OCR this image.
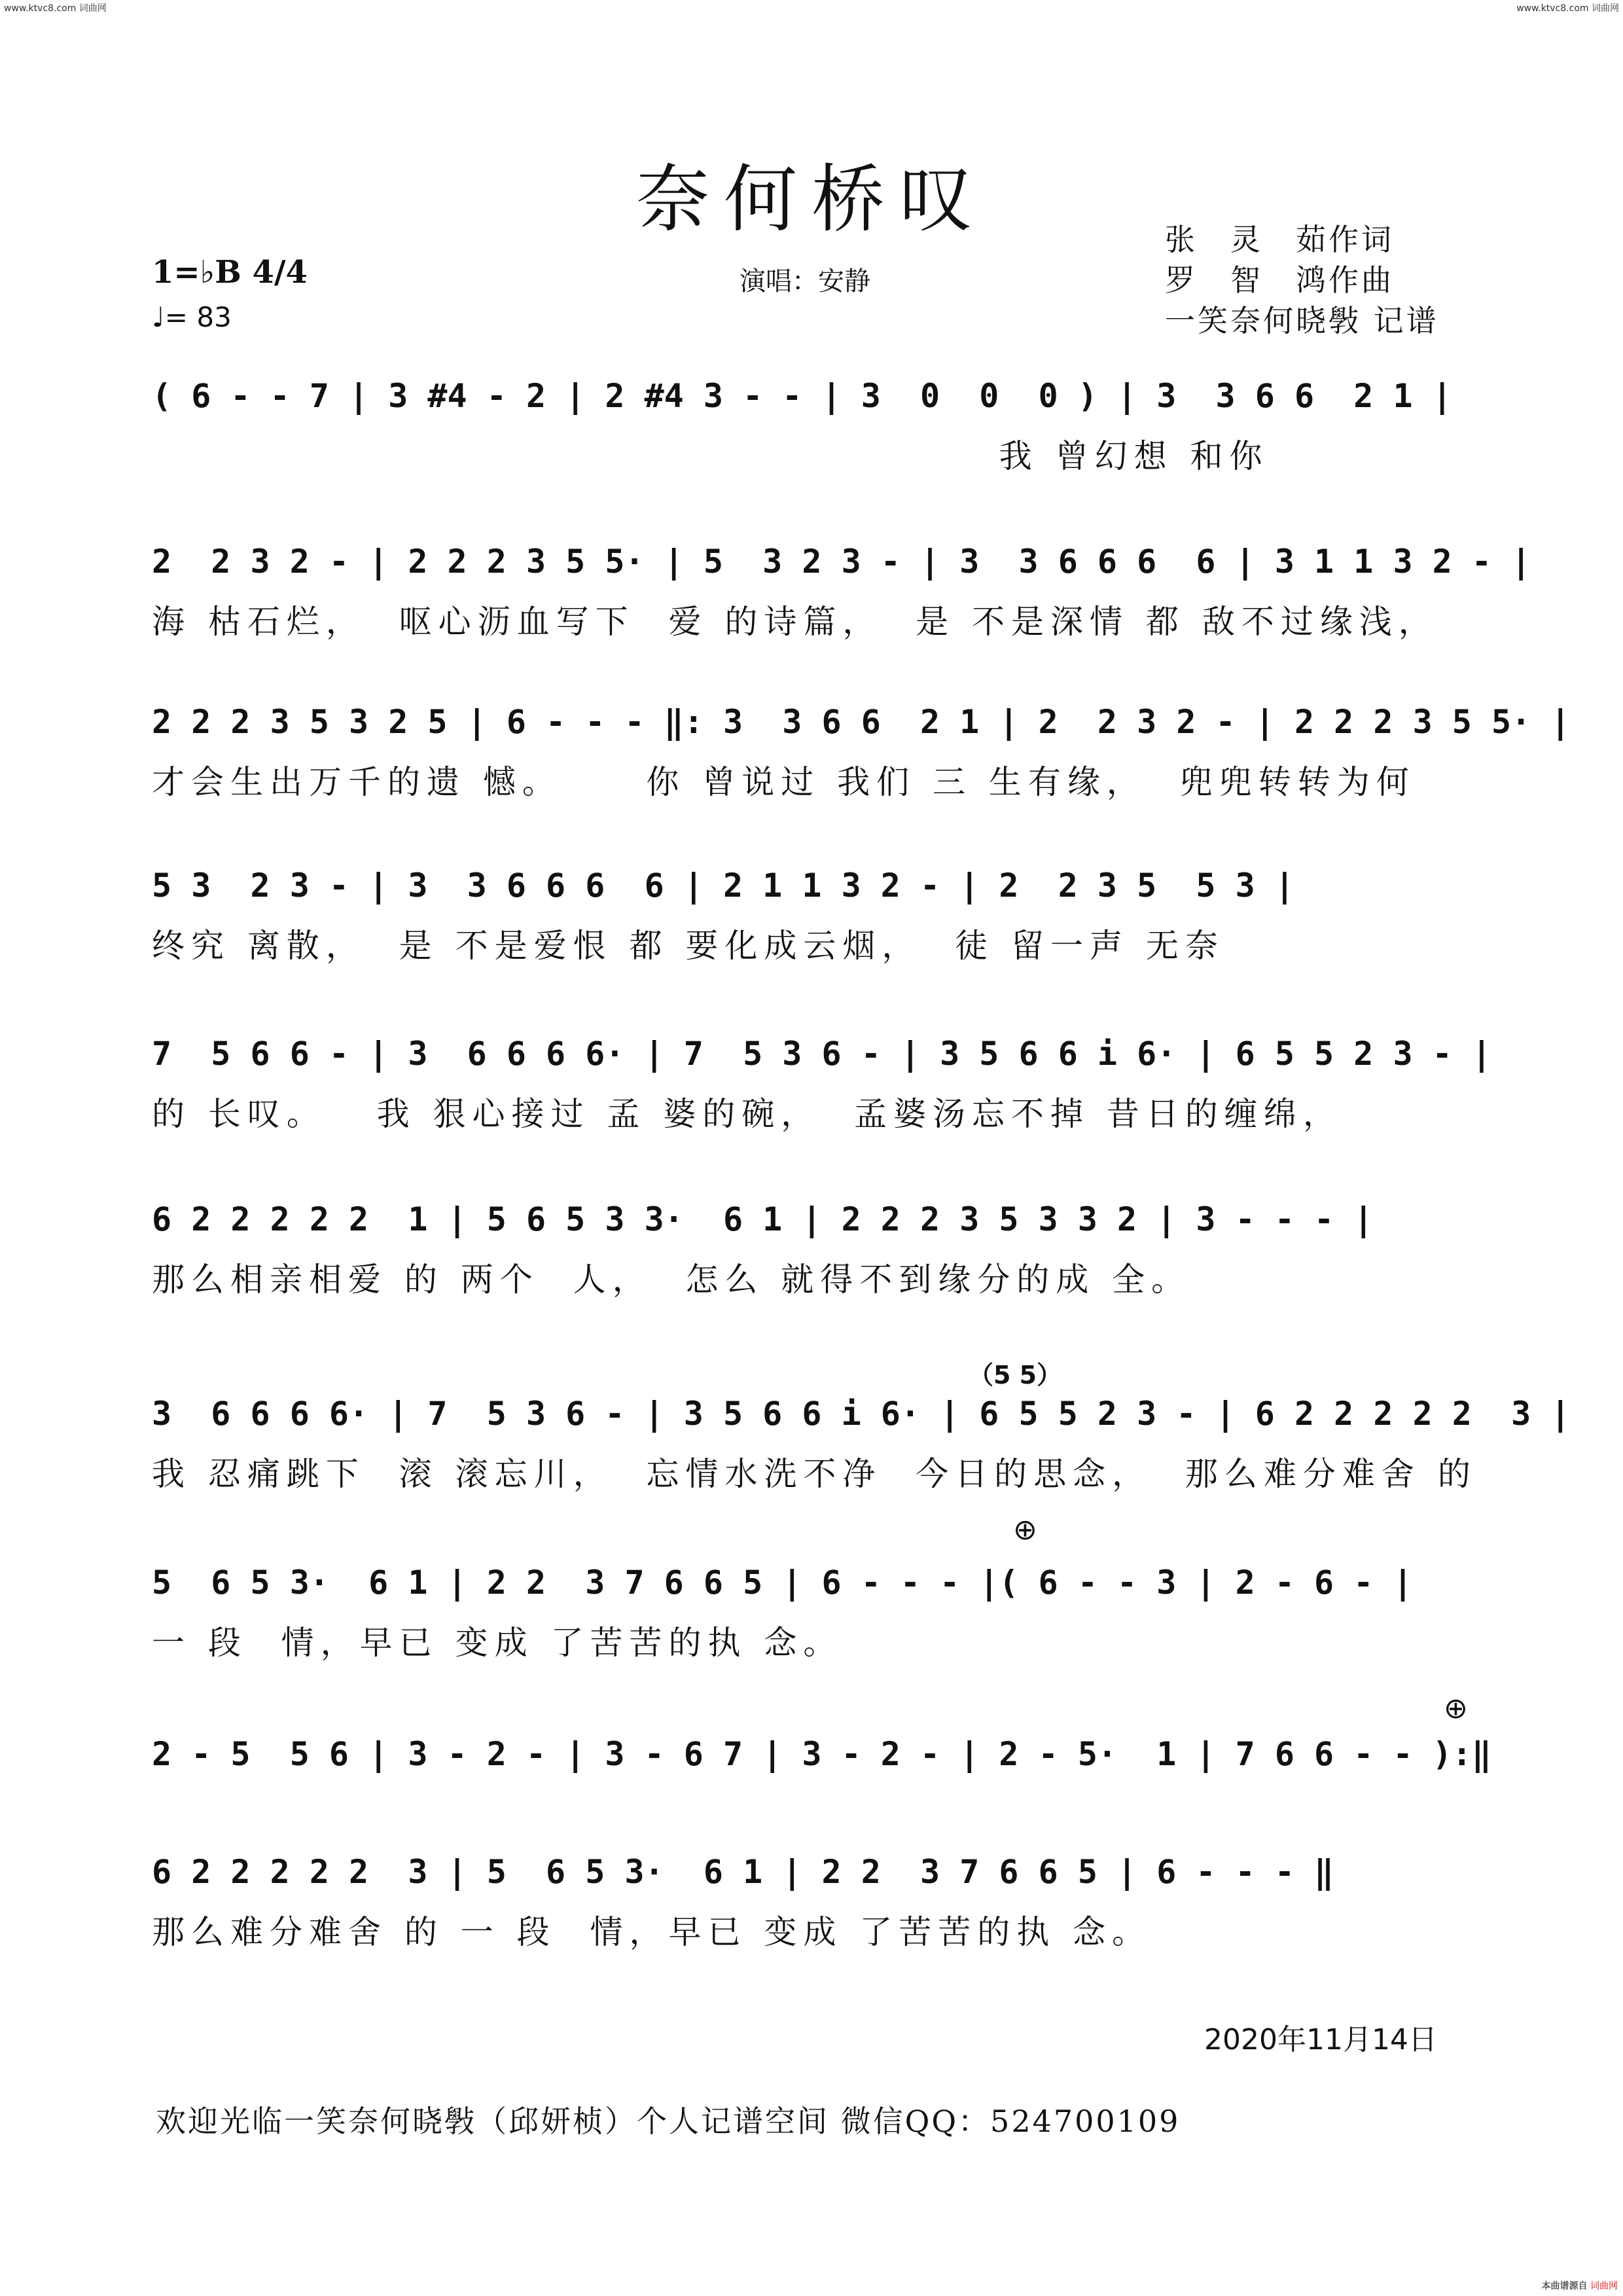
www.ktvc8.com 词曲网	www.ktvc8.com 词曲网
奈何桥叹	张　灵　茹作词
罗　智　鸿作曲
一笑奈何晓斅 记谱
1=♭B 4/4
♩= 83
演唱：安静
( 6 - - 7 | 3 #4 - 2 | 2 #4 3 - - | 3  0  0  0 ) | 3  3 6 6  2 1 |
我 曾幻想 和你
2  2 3 2 - | 2 2 2 3 5 5· | 5  3 2 3 - | 3  3 6 6 6  6 | 3 1 1 3 2 - |
海 枯石烂，  呕心沥血写下  爱 的诗篇，  是 不是深情 都 敌不过缘浅，
2 2 2 3 5 3 2 5 | 6 - - - ‖: 3  3 6 6  2 1 | 2  2 3 2 - | 2 2 2 3 5 5· |
才会生出万千的遗 憾。     你 曾说过 我们 三 生有缘，  兜兜转转为何
5 3  2 3 - | 3  3 6 6 6  6 | 2 1 1 3 2 - | 2  2 3 5  5 3 |
终究 离散，  是 不是爱恨 都 要化成云烟，  徒 留一声 无奈
7  5 6 6 - | 3  6 6 6 6· | 7  5 3 6 - | 3 5 6 6 i 6· | 6 5 5 2 3 - |
的 长叹。   我 狠心接过 孟 婆的碗，  孟婆汤忘不掉 昔日的缠绵，
6 2 2 2 2 2  1 | 5 6 5 3 3·  6 1 | 2 2 2 3 5 3 3 2 | 3 - - - |
那么相亲相爱 的 两个  人，  怎么 就得不到缘分的成 全。
（5 5）
3  6 6 6 6· | 7  5 3 6 - | 3 5 6 6 i 6· | 6 5 5 2 3 - | 6 2 2 2 2 2  3 |
我 忍痛跳下  滚 滚忘川，  忘情水洗不净  今日的思念，  那么难分难舍 的
⊕
5  6 5 3·  6 1 | 2 2  3 7 6 6 5 | 6 - - - |( 6 - - 3 | 2 - 6 - |
一 段  情，早已 变成 了苦苦的执 念。
⊕
2 - 5  5 6 | 3 - 2 - | 3 - 6 7 | 3 - 2 - | 2 - 5·  1 | 7 6 6 - - ):‖
6 2 2 2 2 2  3 | 5  6 5 3·  6 1 | 2 2  3 7 6 6 5 | 6 - - - ‖
那么难分难舍 的 一 段  情，早已 变成 了苦苦的执 念。
2020年11月14日
欢迎光临一笑奈何晓斅（邱妍桢）个人记谱空间 微信QQ：524700109
本曲谱源自 词曲网
